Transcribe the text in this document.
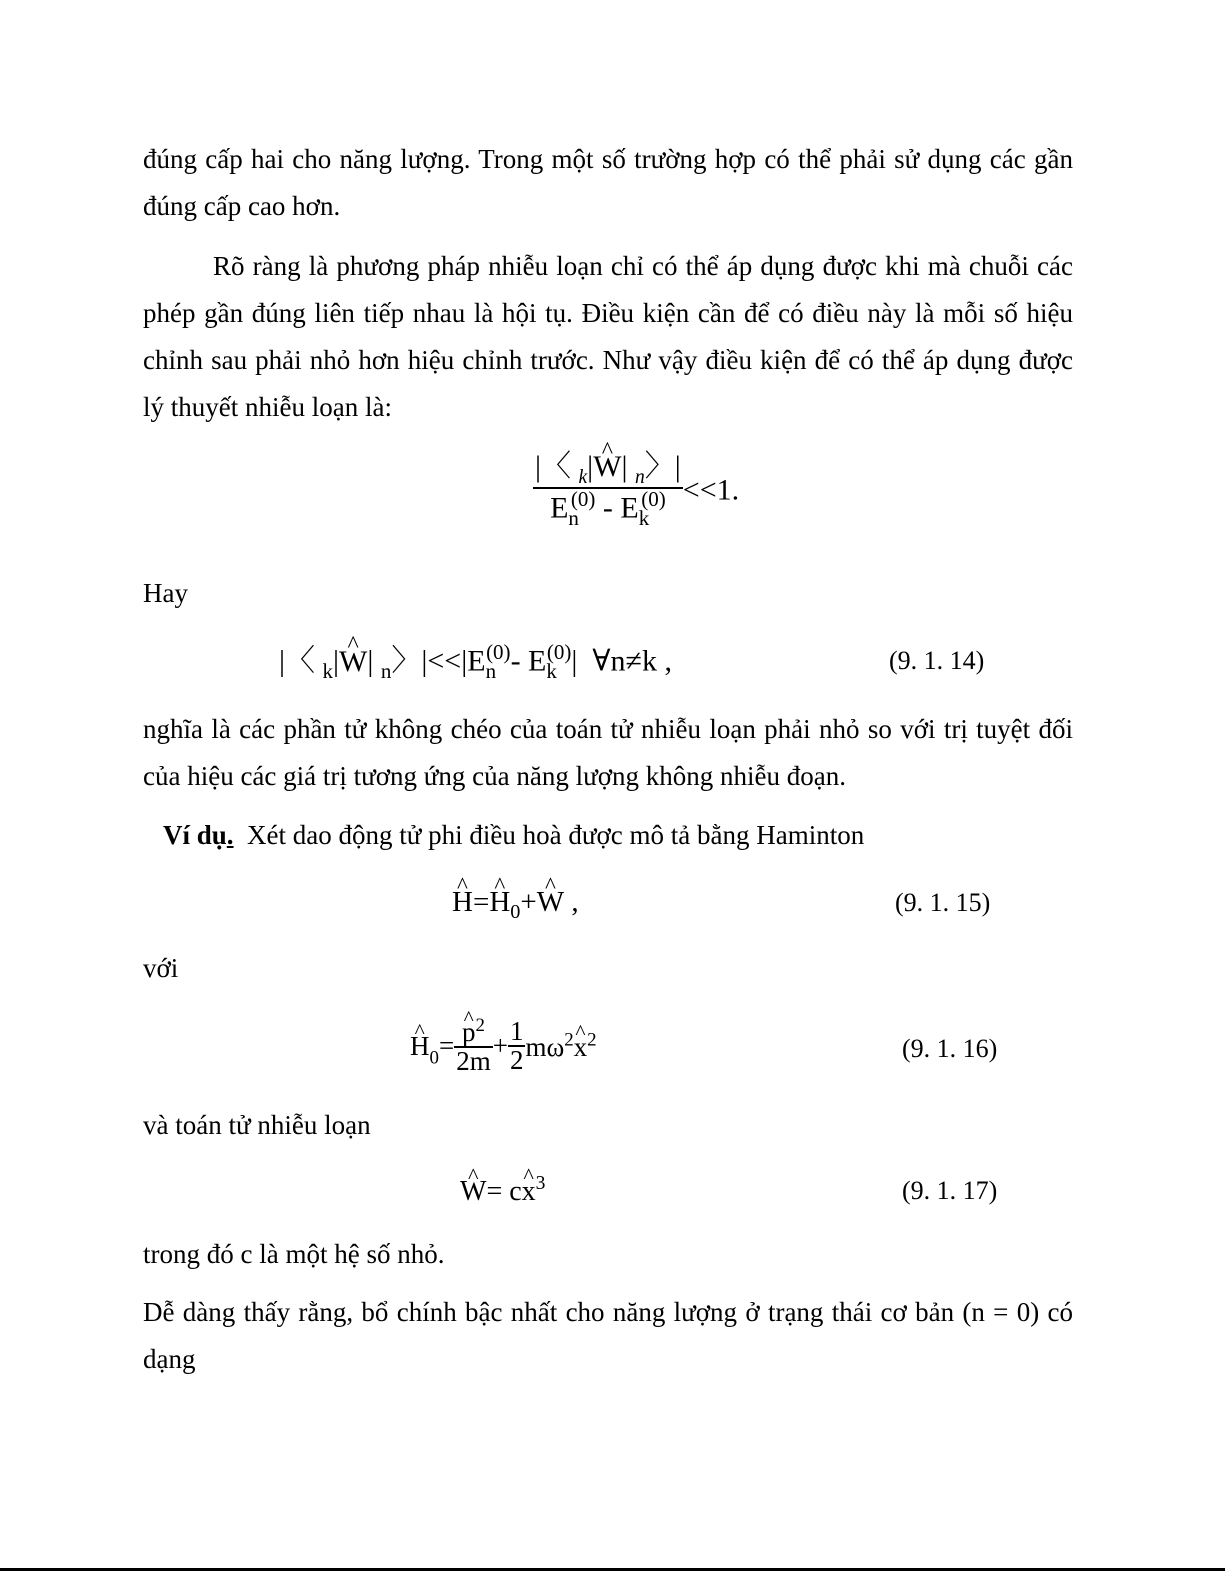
đúng cấp hai cho năng lượng. Trong một số trường hợp có thể phải sử dụng các gần đúng cấp cao hơn.
Rõ ràng là phương pháp nhiễu loạn chỉ có thể áp dụng được khi mà chuỗi các phép gần đúng liên tiếp nhau là hội tụ. Điều kiện cần để có điều này là mỗi số hiệu chỉnh sau phải nhỏ hơn hiệu chỉnh trước. Như vậy điều kiện để có thể áp dụng được lý thuyết nhiễu loạn là:
$\frac{|〈 _k|\^{} W| _n〉|}{E_n^{(0)} - E_k^{(0)}} <<1$.
Hay
|〈 $_k$|^ W| $_n$〉$|<<|E_n^{(0)}-$ $E_k^{(0)}|$  ∀n≠k ,	(9. 1. 14)
nghĩa là các phần tử không chéo của toán tử nhiễu loạn phải nhỏ so với trị tuyệt đối của hiệu các giá trị tương ứng của năng lượng không nhiễu đoạn.
Ví dụ. Xét dao động tử phi điều hoà được mô tả bằng Haminton
^ H=^ $H_0+\^{}$ W ,	(9. 1. 15)
với
^ $H_0=$
^ $\frac{p^2}{2m} + \frac{1}{2}$ $m\omega^2\^{}$ $x^2$	(9. 1. 16)
và toán tử nhiễu loạn
^ W= c^ $x^3$	(9. 1. 17)
trong đó c là một hệ số nhỏ.
Dễ dàng thấy rằng, bổ chính bậc nhất cho năng lượng ở trạng thái cơ bản (n = 0) có dạng
